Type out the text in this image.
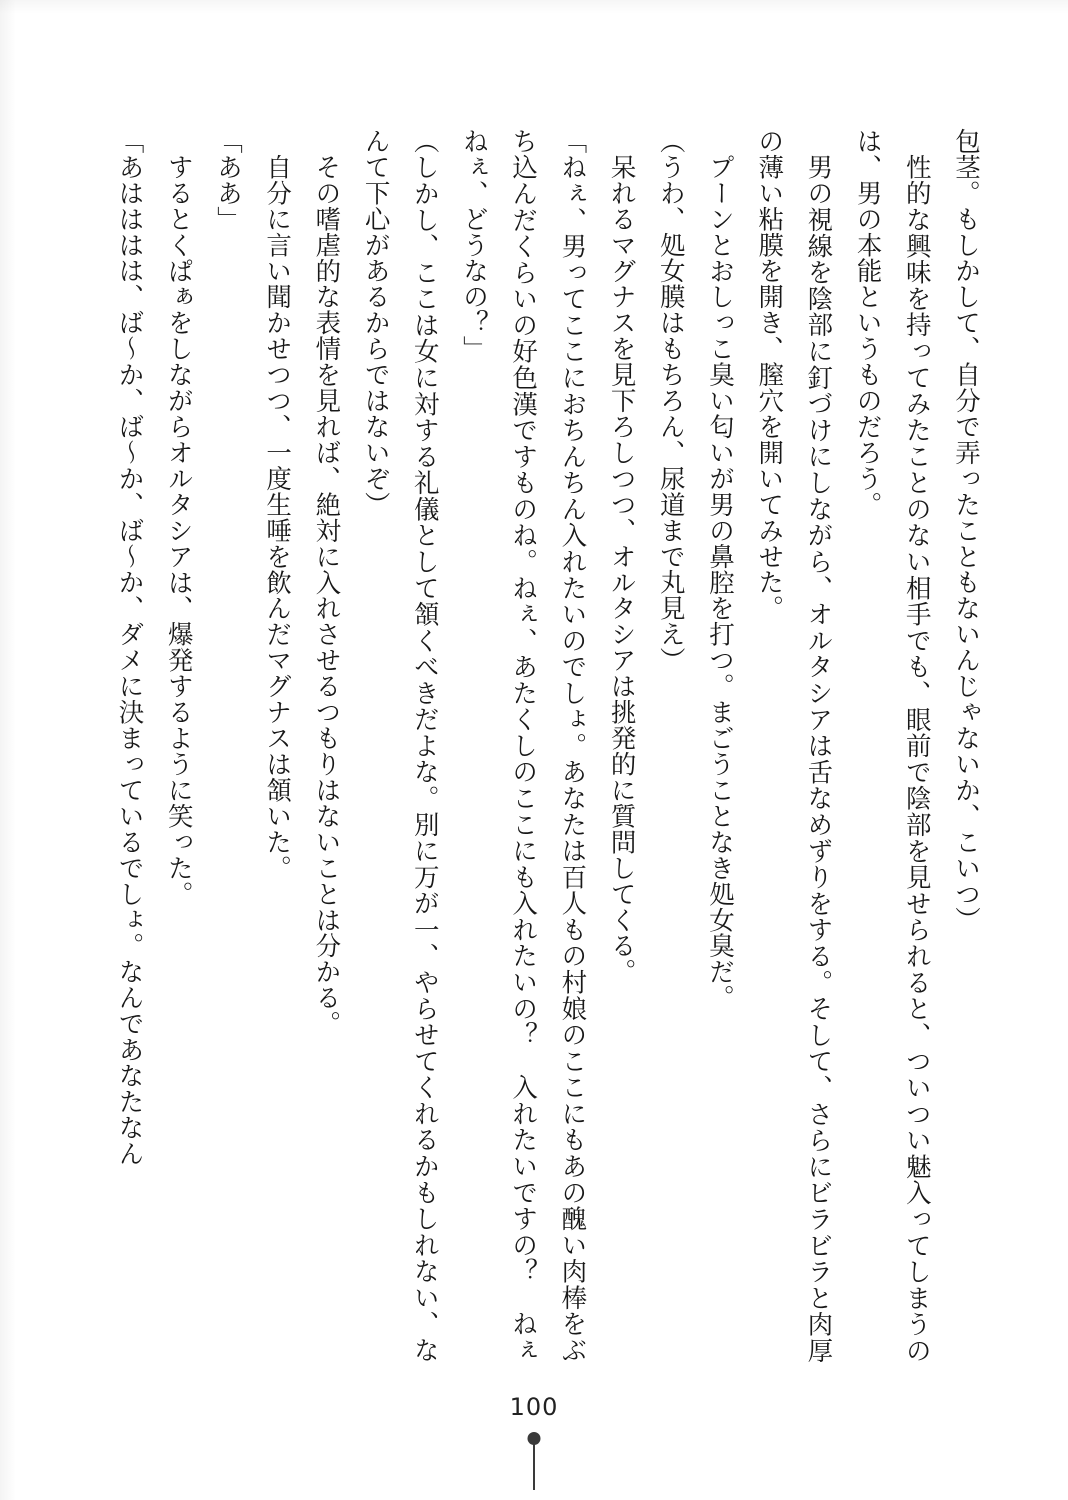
包茎。もしかして、自分で弄ったこともないんじゃないか、こいつ）

性的な興味を持ってみたことのない相手でも、眼前で陰部を見せられると、ついつい魅入ってしまうのは、男の本能というものだろう。

男の視線を陰部に釘づけにしながら、オルタシアは舌なめずりをする。そして、さらにビラビラと肉厚の薄い粘膜を開き、膣穴を開いてみせた。

プーンとおしっこ臭い匂いが男の鼻腔を打つ。まごうことなき処女臭だ。

（うわ、処女膜はもちろん、尿道まで丸見え）

呆れるマグナスを見下ろしつつ、オルタシアは挑発的に質問してくる。

「ねぇ、男ってここにおちんちん入れたいのでしょ。あなたは百人もの村娘のここにもあの醜い肉棒をぶち込んだくらいの好色漢ですものね。ねぇ、あたくしのここにも入れたいの？　入れたいですの？　ねぇねぇ、どうなの？」

（しかし、ここは女に対する礼儀として頷くべきだよな。別に万が一、やらせてくれるかもしれない、なんて下心があるからではないぞ）

その嗜虐的な表情を見れば、絶対に入れさせるつもりはないことは分かる。

自分に言い聞かせつつ、一度生唾を飲んだマグナスは頷いた。

「ああ」

するとくぱぁをしながらオルタシアは、爆発するように笑った。

「あはははは、ば〜か、ば〜か、ば〜か、ダメに決まっているでしょ。なんであなたなん

100
